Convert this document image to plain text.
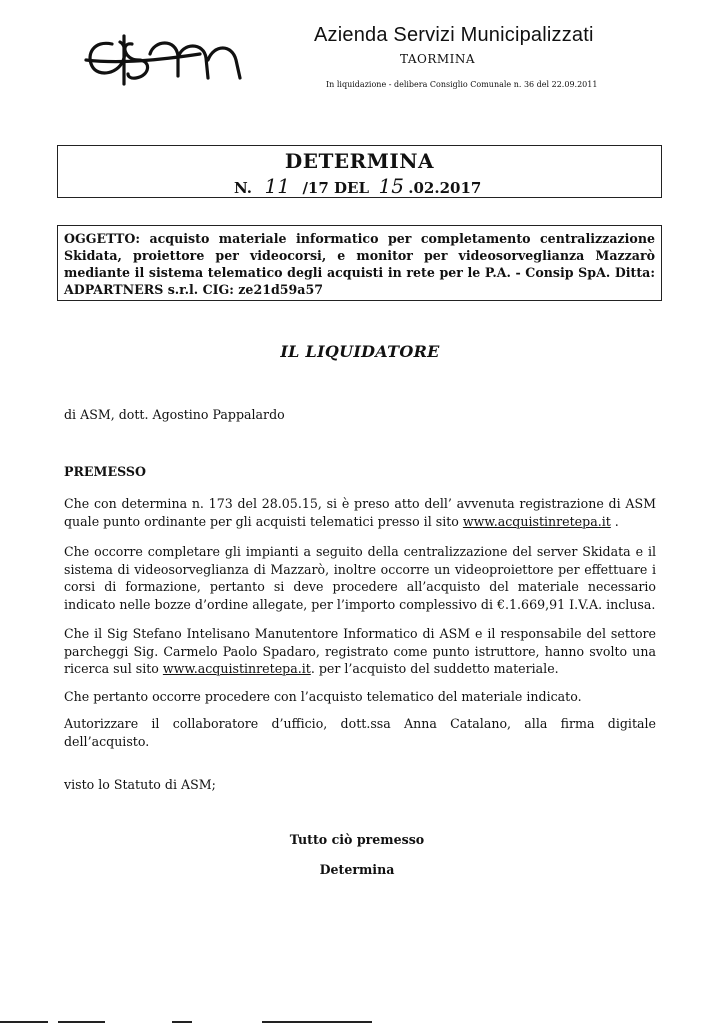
Azienda Servizi Municipalizzati
TAORMINA
In liquidazione - delibera Consiglio Comunale n. 36 del 22.09.2011
DETERMINA
N. 11 /17 DEL 15 .02.2017
OGGETTO: acquisto materiale informatico per completamento centralizzazione Skidata, proiettore per videocorsi, e monitor per videosorveglianza Mazzarò mediante il sistema telematico degli acquisti in rete per le P.A. - Consip SpA. Ditta: ADPARTNERS s.r.l. CIG: ze21d59a57
IL LIQUIDATORE
di ASM, dott. Agostino Pappalardo
PREMESSO
Che con determina n. 173 del 28.05.15, si è preso atto dell’ avvenuta registrazione di ASM quale punto ordinante per gli acquisti telematici presso il sito www.acquistinretepa.it .
Che occorre completare gli impianti a seguito della centralizzazione del server Skidata e il sistema di videosorveglianza di Mazzarò, inoltre occorre un videoproiettore per effettuare i corsi di formazione, pertanto si deve procedere all’acquisto del materiale necessario indicato nelle bozze d’ordine allegate, per l’importo complessivo di €.1.669,91 I.V.A. inclusa.
Che il Sig Stefano Intelisano Manutentore Informatico di ASM e il responsabile del settore parcheggi Sig. Carmelo Paolo Spadaro, registrato come punto istruttore, hanno svolto una ricerca sul sito www.acquistinretepa.it. per l’acquisto del suddetto materiale.
Che pertanto occorre procedere con l’acquisto telematico del materiale indicato.
Autorizzare il collaboratore d’ufficio, dott.ssa Anna Catalano, alla firma digitale dell’acquisto.
visto lo Statuto di ASM;
Tutto ciò premesso
Determina
